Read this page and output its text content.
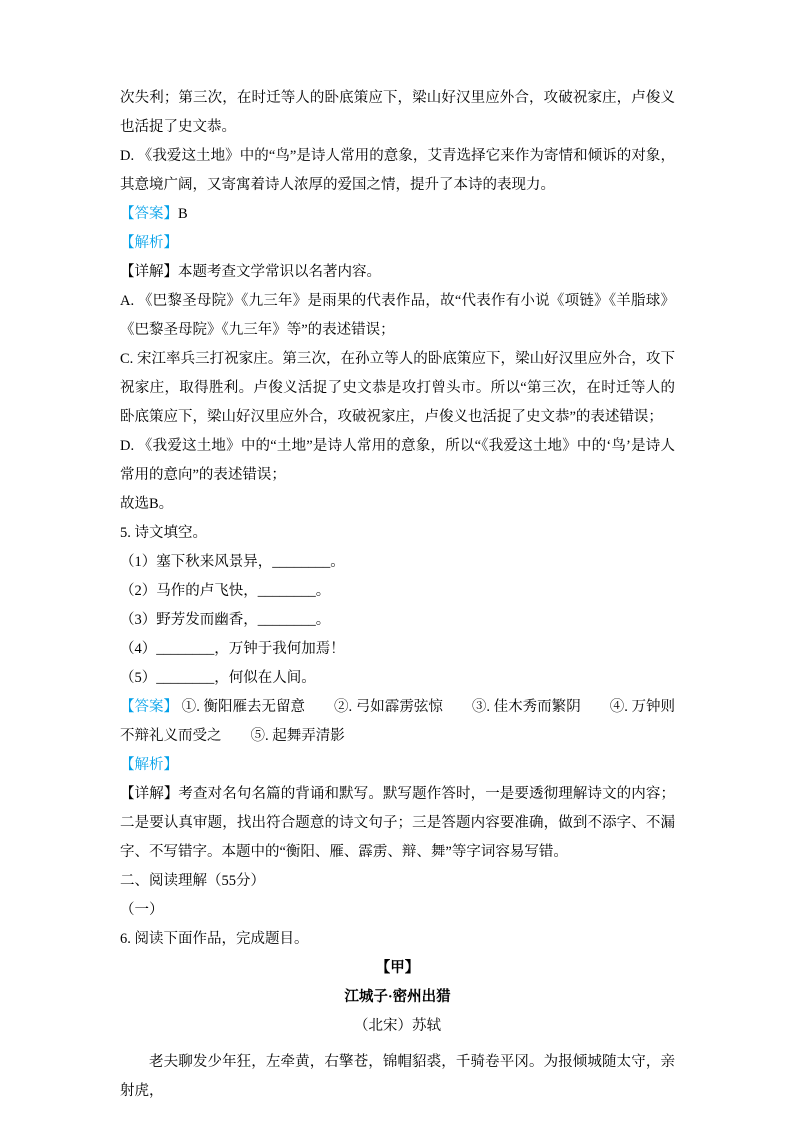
次失利；第三次，在时迁等人的卧底策应下，梁山好汉里应外合，攻破祝家庄，卢俊义也活捉了史文恭。

D. 《我爱这土地》中的“鸟”是诗人常用的意象，艾青选择它来作为寄情和倾诉的对象，其意境广阔，又寄寓着诗人浓厚的爱国之情，提升了本诗的表现力。

【答案】B

【解析】

【详解】本题考查文学常识以名著内容。

A. 《巴黎圣母院》《九三年》是雨果的代表作品，故“代表作有小说《项链》《羊脂球》《巴黎圣母院》《九三年》等”的表述错误；

C. 宋江率兵三打祝家庄。第三次，在孙立等人的卧底策应下，梁山好汉里应外合，攻下祝家庄，取得胜利。卢俊义活捉了史文恭是攻打曾头市。所以“第三次，在时迁等人的卧底策应下，梁山好汉里应外合，攻破祝家庄，卢俊义也活捉了史文恭”的表述错误；

D. 《我爱这土地》中的“土地”是诗人常用的意象，所以“《我爱这土地》中的‘鸟’是诗人常用的意向”的表述错误；

故选B。

5. 诗文填空。

（1）塞下秋来风景异，________。

（2）马作的卢飞快，________。

（3）野芳发而幽香，________。

（4）________，万钟于我何加焉！

（5）________，何似在人间。

【答案】 ①. 衡阳雁去无留意　　②. 弓如霹雳弦惊　　③. 佳木秀而繁阴　　④. 万钟则不辩礼义而受之　　⑤. 起舞弄清影

【解析】

【详解】考查对名句名篇的背诵和默写。默写题作答时，一是要透彻理解诗文的内容；二是要认真审题，找出符合题意的诗文句子；三是答题内容要准确，做到不添字、不漏字、不写错字。本题中的“衡阳、雁、霹雳、辩、舞”等字词容易写错。

二、阅读理解（55分）

（一）

6. 阅读下面作品，完成题目。

【甲】

江城子·密州出猎

（北宋）苏轼

老夫聊发少年狂，左牵黄，右擎苍，锦帽貂裘，千骑卷平冈。为报倾城随太守，亲射虎，
